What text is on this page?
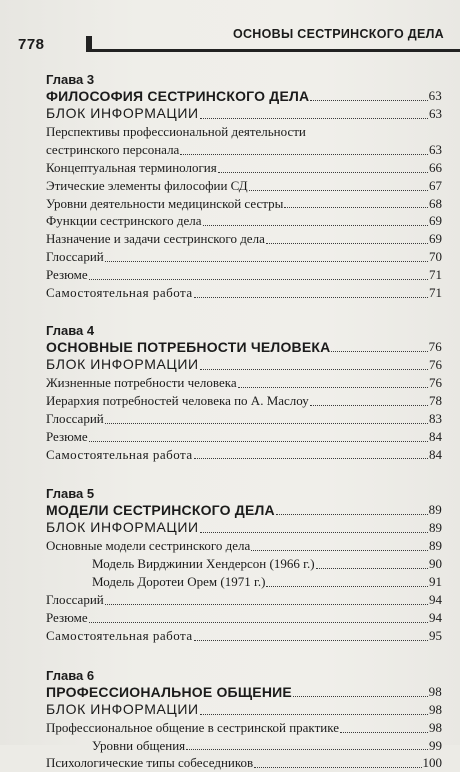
778
ОСНОВЫ СЕСТРИНСКОГО ДЕЛА
Глава 3
ФИЛОСОФИЯ СЕСТРИНСКОГО ДЕЛА	63
БЛОК ИНФОРМАЦИИ	63
Перспективы профессиональной деятельности
сестринского персонала	63
Концептуальная терминология	66
Этические элементы философии СД	67
Уровни деятельности медицинской сестры	68
Функции сестринского дела	69
Назначение и задачи сестринского дела	69
Глоссарий	70
Резюме	71
Самостоятельная работа	71
Глава 4
ОСНОВНЫЕ ПОТРЕБНОСТИ ЧЕЛОВЕКА	76
БЛОК ИНФОРМАЦИИ	76
Жизненные потребности человека	76
Иерархия потребностей человека по А. Маслоу	78
Глоссарий	83
Резюме	84
Самостоятельная работа	84
Глава 5
МОДЕЛИ СЕСТРИНСКОГО ДЕЛА	89
БЛОК ИНФОРМАЦИИ	89
Основные модели сестринского дела	89
Модель Вирджинии Хендерсон (1966 г.)	90
Модель Доротеи Орем (1971 г.)	91
Глоссарий	94
Резюме	94
Самостоятельная работа	95
Глава 6
ПРОФЕССИОНАЛЬНОЕ ОБЩЕНИЕ	98
БЛОК ИНФОРМАЦИИ	98
Профессиональное общение в сестринской практике	98
Уровни общения	99
Психологические типы собеседников	100
